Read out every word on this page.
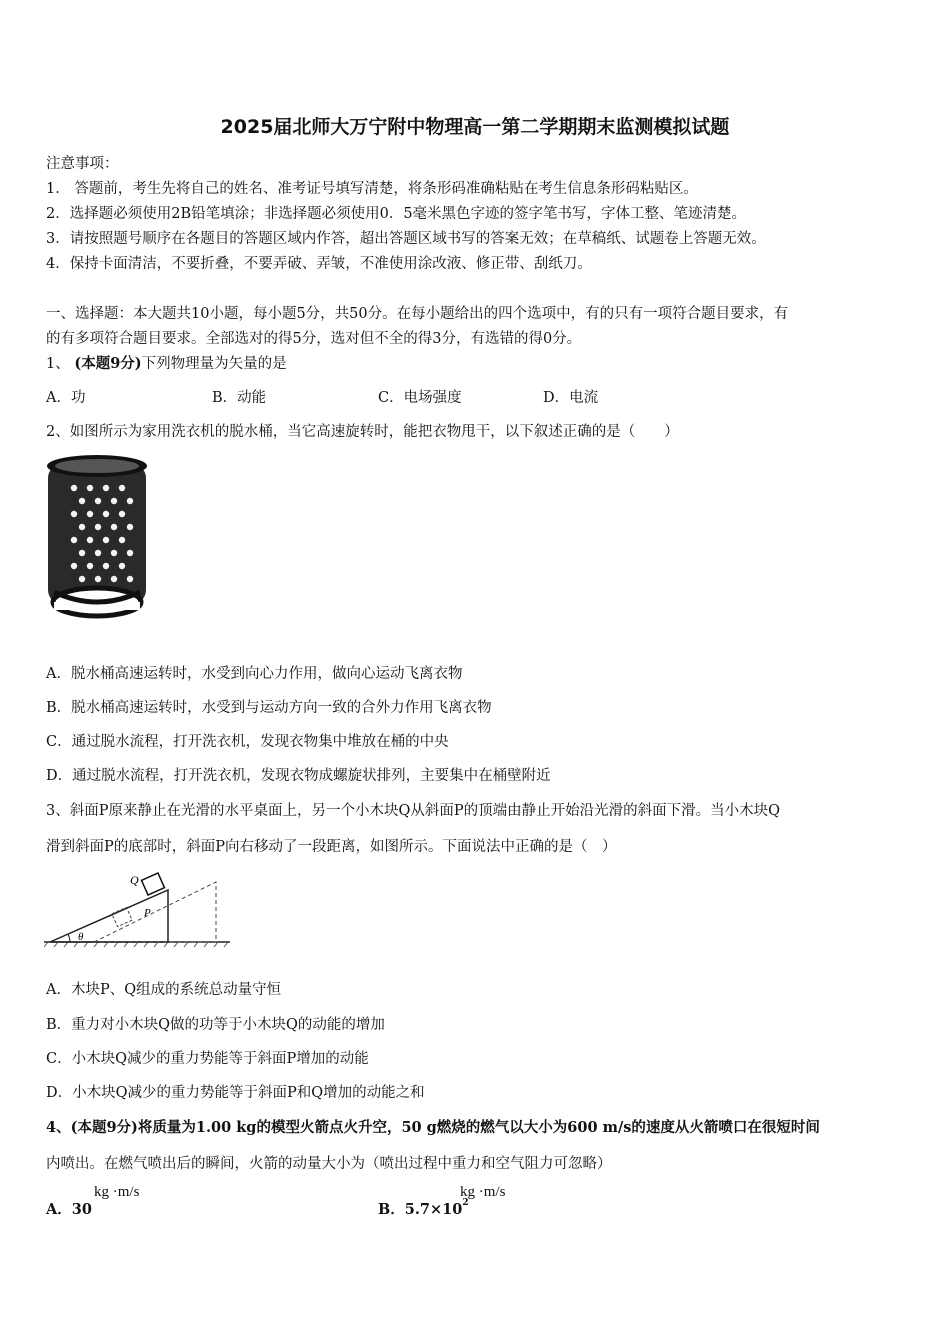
2025届北师大万宁附中物理高一第二学期期末监测模拟试题
注意事项：
1． 答题前，考生先将自己的姓名、准考证号填写清楚，将条形码准确粘贴在考生信息条形码粘贴区。
2．选择题必须使用2B铅笔填涂；非选择题必须使用0．5毫米黑色字迹的签字笔书写，字体工整、笔迹清楚。
3．请按照题号顺序在各题目的答题区域内作答，超出答题区域书写的答案无效；在草稿纸、试题卷上答题无效。
4．保持卡面清洁，不要折叠，不要弄破、弄皱，不准使用涂改液、修正带、刮纸刀。
一、选择题：本大题共10小题，每小题5分，共50分。在每小题给出的四个选项中，有的只有一项符合题目要求，有
的有多项符合题目要求。全部选对的得5分，选对但不全的得3分，有选错的得0分。
1、 (本题9分)下列物理量为矢量的是
A．功	B．动能	C．电场强度	D．电流
2、如图所示为家用洗衣机的脱水桶，当它高速旋转时，能把衣物甩干，以下叙述正确的是（　　）
A．脱水桶高速运转时，水受到向心力作用，做向心运动飞离衣物
B．脱水桶高速运转时，水受到与运动方向一致的合外力作用飞离衣物
C．通过脱水流程，打开洗衣机，发现衣物集中堆放在桶的中央
D．通过脱水流程，打开洗衣机，发现衣物成螺旋状排列，主要集中在桶壁附近
3、斜面P原来静止在光滑的水平桌面上，另一个小木块Q从斜面P的顶端由静止开始沿光滑的斜面下滑。当小木块Q
滑到斜面P的底部时，斜面P向右移动了一段距离，如图所示。下面说法中正确的是（　）
Q
P
θ
A．木块P、Q组成的系统总动量守恒
B．重力对小木块Q做的功等于小木块Q的动能的增加
C．小木块Q减少的重力势能等于斜面P增加的动能
D．小木块Q减少的重力势能等于斜面P和Q增加的动能之和
4、(本题9分)将质量为1.00 kg的模型火箭点火升空，50 g燃烧的燃气以大小为600 m/s的速度从火箭喷口在很短时间
内喷出。在燃气喷出后的瞬间，火箭的动量大小为（喷出过程中重力和空气阻力可忽略）
A．30
kg ·m/s
B．$5.7\times 10^2$
kg ·m/s
